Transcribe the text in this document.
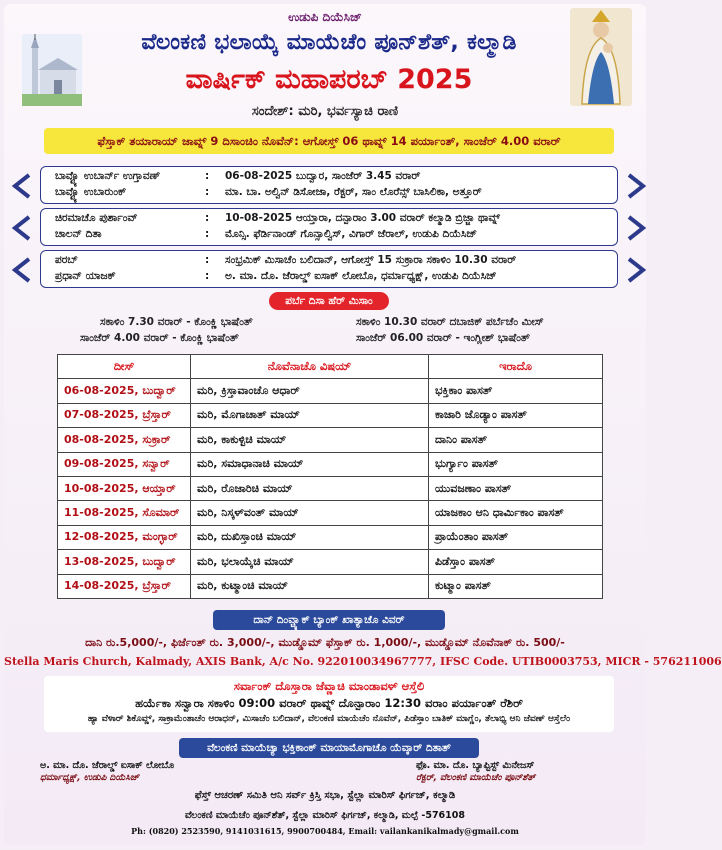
ಉಡುಪಿ ದಿಯೆಸಿಜ್
ವೆಲಂಕಣಿ ಭಲಾಯ್ಕೆ ಮಾಯೆಚೆಂ ಪೂನ್‌ಶೆತ್, ಕಲ್ಮಾಡಿ
ವಾರ್ಷಿಕ್ ಮಹಾಪರಬ್ 2025
ಸಂದೇಶ್: ಮರಿ, ಭರ್ವಸ್ಯಾಚಿ ರಾಣಿ
ಫೆಸ್ತಾಕ್ ತಯಾರಾಯ್ ಜಾವ್ನ್ 9 ದಿಸಾಂಚಿಂ ನೊವೆನ್: ಆಗೋಸ್ತ್ 06 ಥಾವ್ನ್ 14 ಪರ್ಯಾಂತ್, ಸಾಂಜೆರ್ 4.00 ವರಾರ್
ಬಾವ್ಟ್ಯೊ ಉಬಾರ್ನ್ ಉಗ್ತಾವಣ್	:	06-08-2025 ಬುದ್ವಾರ, ಸಾಂಜೆರ್ 3.45 ವರಾರ್
ಬಾವ್ಟ್ಯೊ ಉಬಾರುಂಕ್	:	ಮಾ. ಬಾ. ಅಲ್ವಿನ್ ಡಿಸೋಜಾ, ರೆಕ್ಟರ್, ಸಾಂ ಲೊರೆನ್ಸ್ ಬಾಸಿಲಿಕಾ, ಅತ್ತೂರ್
ಚಿರಮಾಚೊ ಪುರ್ಶಾಂವ್	:	10-08-2025 ಆಯ್ತಾರಾ, ದನ್ಪಾರಾಂ 3.00 ವರಾರ್ ಕಲ್ಮಾಡಿ ಬ್ರಿಜ್ಜಾ ಥಾವ್ನ್
ಚಾಲನ್ ದಿತಾ	:	ಮೊನ್ಸಿ. ಫೆರ್ಡಿನಾಂಡ್ ಗೊನ್ಸಾಲ್ವಿಸ್, ವಿಗಾರ್ ಜೆರಾಲ್, ಉಡುಪಿ ದಿಯೆಸಿಜ್
ಪರಬ್	:	ಸಂಭ್ರಮಿಕ್ ಮಿಸಾಚೆಂ ಬಲಿದಾನ್, ಆಗೋಸ್ತ್ 15 ಸುಕ್ರಾರಾ ಸಕಾಳಿಂ 10.30 ವರಾರ್
ಪ್ರಧಾನ್ ಯಾಜಕ್	:	ಅ. ಮಾ. ದೊ. ಜೆರಾಲ್ಡ್ ಐಸಾಕ್ ಲೋಬೊ, ಧರ್ಮಾಧ್ಯಕ್ಷ್, ಉಡುಪಿ ದಿಯೆಸಿಜ್
ಪರ್ಬೆ ದಿಸಾ ಹೆರ್ ಮಿಸಾಂ
ಸಕಾಳಿಂ 7.30 ವರಾರ್ - ಕೊಂಕ್ಣಿ ಭಾಷೆಂತ್	ಸಕಾಳಿಂ 10.30 ವರಾರ್ ದಬಾಜಿಕ್ ಪರ್ಬೆಚೆಂ ಮೀಸ್
ಸಾಂಜೆರ್ 4.00 ವರಾರ್ - ಕೊಂಕ್ಣಿ ಭಾಷೆಂತ್	ಸಾಂಜೆರ್ 06.00 ವರಾರ್ - ಇಂಗ್ಲೀಶ್ ಭಾಷೆಂತ್
ದೀಸ್	ನೊವೆನಾಚೊ ವಿಷಯ್	ಇರಾದೊ
06-08-2025, ಬುದ್ವಾರ್	ಮರಿ, ಕ್ರಿಸ್ತಾವಾಂಚೊ ಆಧಾರ್	ಭಕ್ತಿಕಾಂ ಪಾಸತ್
07-08-2025, ಬ್ರೆಸ್ತಾರ್	ಮರಿ, ಮೊಗಾಚಾತ್ ಮಾಯ್	ಕಾಜಾರಿ ಜೊಡ್ಯಾಂ ಪಾಸತ್
08-08-2025, ಸುಕ್ರಾರ್	ಮರಿ, ಕಾಕುಳ್ಟಿಚಿ ಮಾಯ್	ದಾನಿಂ ಪಾಸತ್
09-08-2025, ಸನ್ವಾರ್	ಮರಿ, ಸಮಾಧಾನಾಚಿ ಮಾಯ್	ಭುರ್ಗ್ಯಾಂ ಪಾಸತ್
10-08-2025, ಆಯ್ತಾರ್	ಮರಿ, ರೊಜಾರಿಚಿ ಮಾಯ್	ಯುವಜಣಾಂ ಪಾಸತ್
11-08-2025, ಸೊಮಾರ್	ಮರಿ, ನಿಸ್ಕಳ್‌ವಂತ್ ಮಾಯ್	ಯಾಜಕಾಂ ಆನಿ ಧಾರ್ಮಿಕಾಂ ಪಾಸತ್
12-08-2025, ಮಂಗ್ಳಾರ್	ಮರಿ, ದುಖಿಸ್ತಾಂಚಿ ಮಾಯ್	ಪ್ರಾಯೆಂತಾಂ ಪಾಸತ್
13-08-2025, ಬುದ್ವಾರ್	ಮರಿ, ಭಲಾಯ್ಕೆಚಿ ಮಾಯ್	ಪಿಡೆಸ್ತಾಂ ಪಾಸತ್
14-08-2025, ಬ್ರೆಸ್ತಾರ್	ಮರಿ, ಕುಟ್ಮಾಂಚಿ ಮಾಯ್	ಕುಟ್ಮಾಂ ಪಾಸತ್
ದಾನ್ ದಿಂವ್ಚ್ಯಾಕ್ ಬ್ಯಾಂಕ್ ಖಾತ್ಯಾಚೊ ವಿವರ್
ದಾನಿ ರು.5,000/-, ಫಿರ್ಜೆಂತ್ ರು. 3,000/-, ಮುಡ್ಡೊಮ್ ಫೆಸ್ತಾಕ್ ರು. 1,000/-, ಮುಡ್ಡೊಮ್ ನೊವೆನಾಕ್ ರು. 500/-
Stella Maris Church, Kalmady, AXIS Bank, A/c No. 922010034967777, IFSC Code. UTIB0003753, MICR - 576211006
ಸರ್ವಾಂಕ್ ದೊಸ್ತಾರಾ ಜೆವ್ಣಾಚಿ ಮಾಂಡಾವಳ್ ಆಸ್ತೆಲಿ
ಹರ್ಯೆಕಾ ಸನ್ವಾರಾ ಸಕಾಳಿಂ 09:00 ವರಾರ್ ಥಾವ್ನ್ ದೊನ್ಪಾರಾಂ 12:30 ವರಾಂ ಪರ್ಯಾಂತ್ ರೆಶಿರ್
ಹ್ಯಾ ವೆಳಾರ್ ಶಿಕೊವ್ಣ್, ಸಾಕ್ರಾಮೆಂತಾಚೆಂ ಆರಾಧನ್, ಮಿಸಾಚೆಂ ಬಲಿದಾನ್, ವೆಲಂಕಣಿ ಮಾಯೆಚೆಂ ನೊವೆನ್, ಪಿಡೆಸ್ತಾಂ ಬಾತಿಕ್ ಮಾಗ್ಣೆಂ, ತೆಲಾಭ್ಯಿ ಆನಿ ಜೆವಣ್ ಆಸ್ತೆಲೆಂ
ವೆಲಂಕಣಿ ಮಾಯೆಚ್ಯಾ ಭಕ್ತಿಕಾಂಕ್ ಮಾಯಾಮೊಗಾಚೊ ಯೆವ್ಕಾರ್ ದಿತಾತ್
ಅ. ಮಾ. ದೊ. ಜೆರಾಲ್ಡ್ ಐಸಾಕ್ ಲೋಬೊ
ಧರ್ಮಾಧ್ಯಕ್ಷ್, ಉಡುಪಿ ದಿಯೆಸಿಜ್
ಫೊ. ಮಾ. ದೊ. ಬ್ಯಾಪ್ಟಿಸ್ಟ್ ಮಿನೇಜಸ್
ರೆಕ್ಟರ್, ವೆಲಂಕಣಿ ಮಾಯೆಚೆಂ ಪೂನ್‌ಶೆತ್
ಫೆಸ್ತ್ ಆಚರಣ್ ಸಮಿತಿ ಆನಿ ಸರ್ವ್ ಕ್ರಿಸ್ತಿ ಸಭಾ, ಸ್ಟೆಲ್ಲಾ ಮಾರಿಸ್ ಫಿರ್ಗಜ್, ಕಲ್ಮಾಡಿ
ವೆಲಂಕಣಿ ಮಾಯೆಚೆಂ ಪೂನ್‌ಶೆತ್, ಸ್ಟೆಲ್ಲಾ ಮಾರಿಸ್ ಫಿರ್ಗಜ್, ಕಲ್ಮಾಡಿ, ಮಲ್ಪೆ -576108
Ph: (0820) 2523590, 9141031615, 9900700484, Email: vailankanikalmady@gmail.com
